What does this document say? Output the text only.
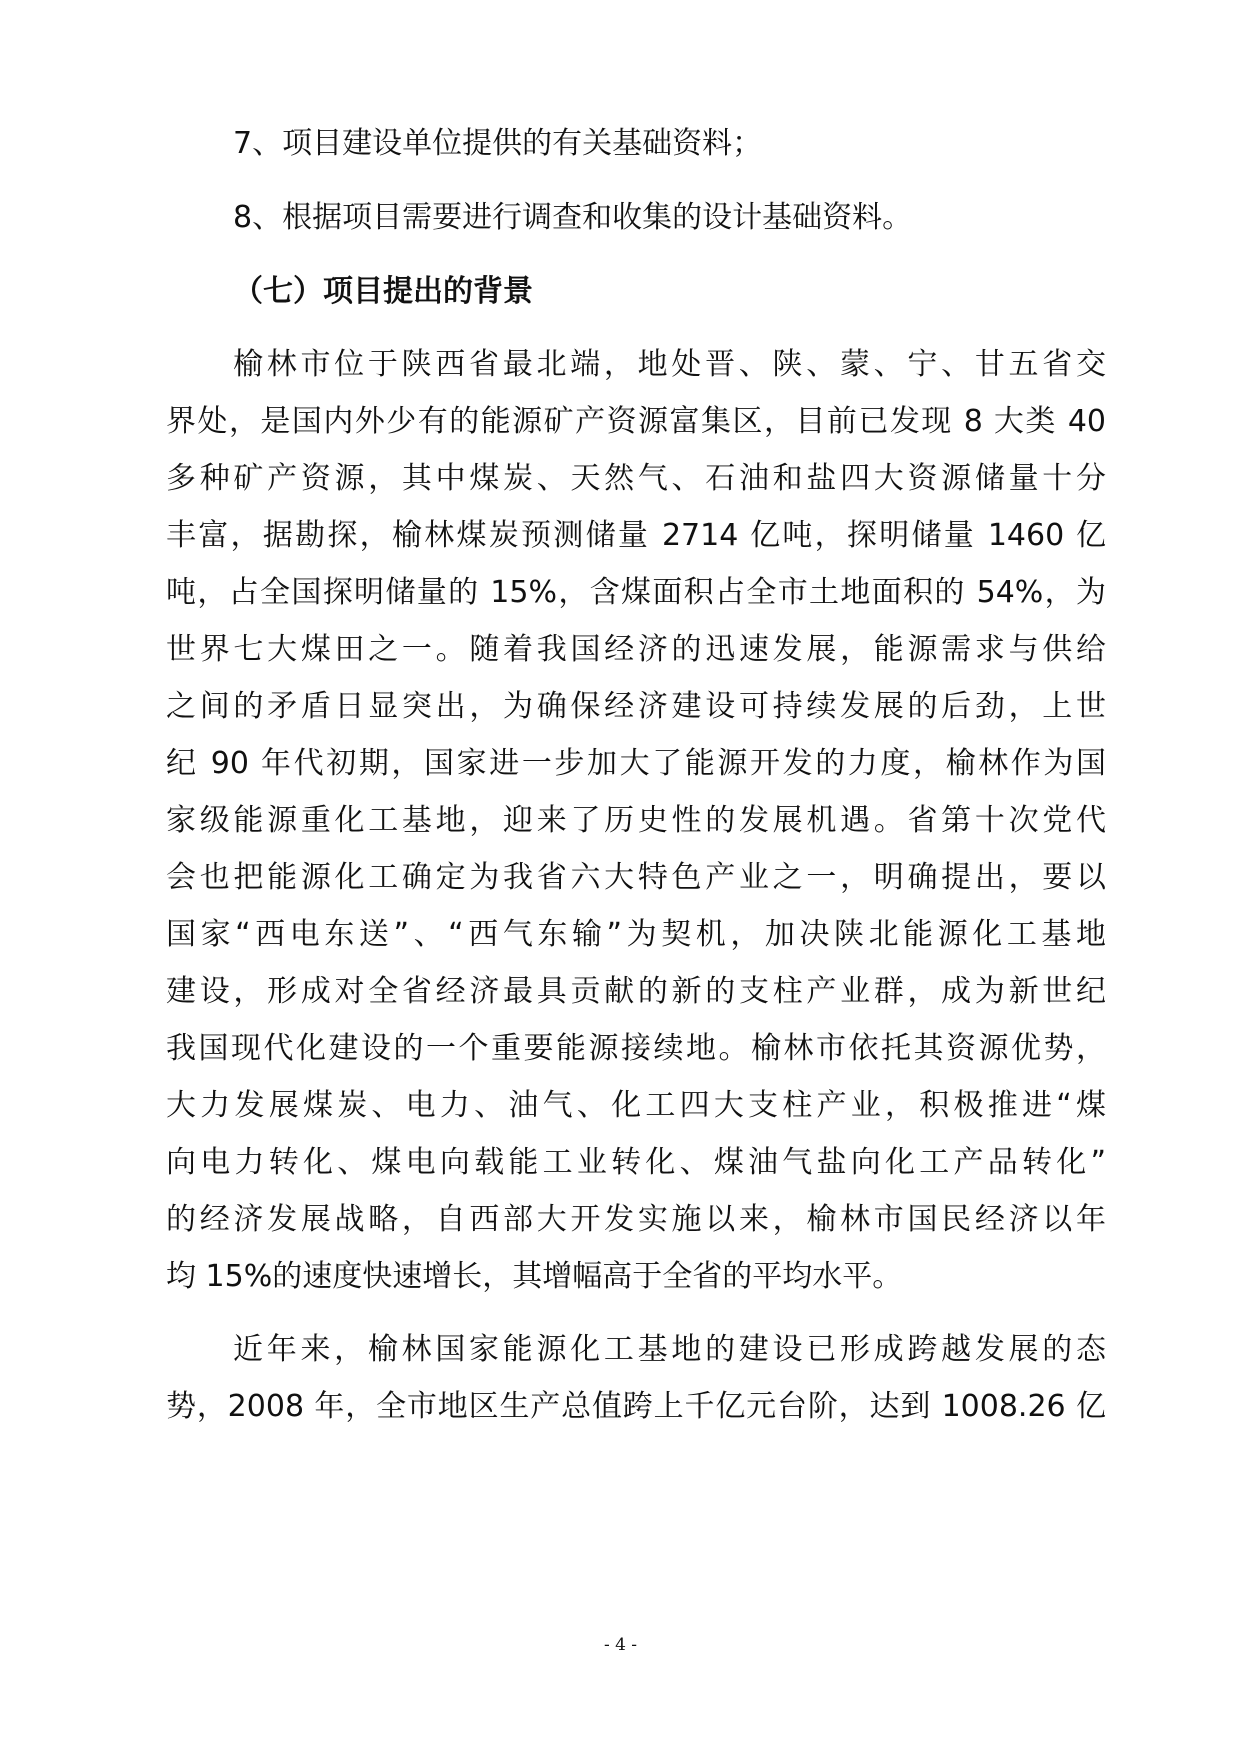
7、项目建设单位提供的有关基础资料；
8、根据项目需要进行调查和收集的设计基础资料。
（七）项目提出的背景
榆林市位于陕西省最北端，地处晋、陕、蒙、宁、甘五省交
界处，是国内外少有的能源矿产资源富集区，目前已发现 8 大类 40
多种矿产资源，其中煤炭、天然气、石油和盐四大资源储量十分
丰富，据勘探，榆林煤炭预测储量 2714 亿吨，探明储量 1460 亿
吨，占全国探明储量的 15%，含煤面积占全市土地面积的 54%，为
世界七大煤田之一。随着我国经济的迅速发展，能源需求与供给
之间的矛盾日显突出，为确保经济建设可持续发展的后劲，上世
纪 90 年代初期，国家进一步加大了能源开发的力度，榆林作为国
家级能源重化工基地，迎来了历史性的发展机遇。省第十次党代
会也把能源化工确定为我省六大特色产业之一，明确提出，要以
国家“西电东送”、“西气东输”为契机，加决陕北能源化工基地
建设，形成对全省经济最具贡献的新的支柱产业群，成为新世纪
我国现代化建设的一个重要能源接续地。榆林市依托其资源优势，
大力发展煤炭、电力、油气、化工四大支柱产业，积极推进“煤
向电力转化、煤电向载能工业转化、煤油气盐向化工产品转化”
的经济发展战略，自西部大开发实施以来，榆林市国民经济以年
均 15%的速度快速增长，其增幅高于全省的平均水平。
近年来，榆林国家能源化工基地的建设已形成跨越发展的态
势，2008 年，全市地区生产总值跨上千亿元台阶，达到 1008.26 亿
- 4 -
